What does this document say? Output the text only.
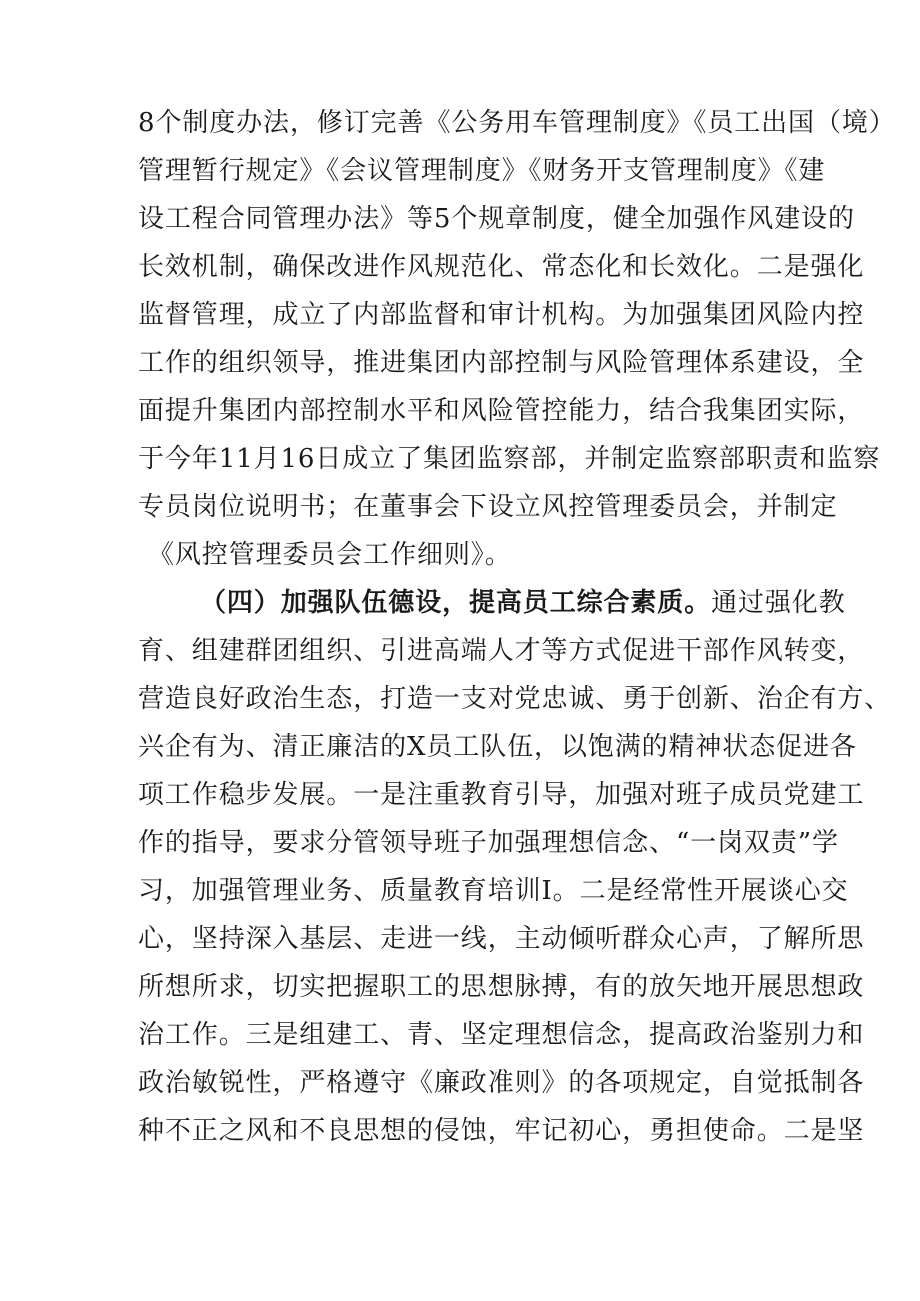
8个制度办法，修订完善《公务用车管理制度》《员工出国（境）
管理暂行规定》《会议管理制度》《财务开支管理制度》《建
设工程合同管理办法》等5个规章制度，健全加强作风建设的
长效机制，确保改进作风规范化、常态化和长效化。二是强化
监督管理，成立了内部监督和审计机构。为加强集团风险内控
工作的组织领导，推进集团内部控制与风险管理体系建设，全
面提升集团内部控制水平和风险管控能力，结合我集团实际，
于今年11月16日成立了集团监察部，并制定监察部职责和监察
专员岗位说明书；在董事会下设立风控管理委员会，并制定
《风控管理委员会工作细则》。
（四）加强队伍德设，提高员工综合素质。通过强化教
育、组建群团组织、引进高端人才等方式促进干部作风转变，
营造良好政治生态，打造一支对党忠诚、勇于创新、治企有方、
兴企有为、清正廉洁的X员工队伍，以饱满的精神状态促进各
项工作稳步发展。一是注重教育引导，加强对班子成员党建工
作的指导，要求分管领导班子加强理想信念、“一岗双责”学
习，加强管理业务、质量教育培训I。二是经常性开展谈心交
心，坚持深入基层、走进一线，主动倾听群众心声，了解所思
所想所求，切实把握职工的思想脉搏，有的放矢地开展思想政
治工作。三是组建工、青、坚定理想信念，提高政治鉴别力和
政治敏锐性，严格遵守《廉政准则》的各项规定，自觉抵制各
种不正之风和不良思想的侵蚀，牢记初心，勇担使命。二是坚
